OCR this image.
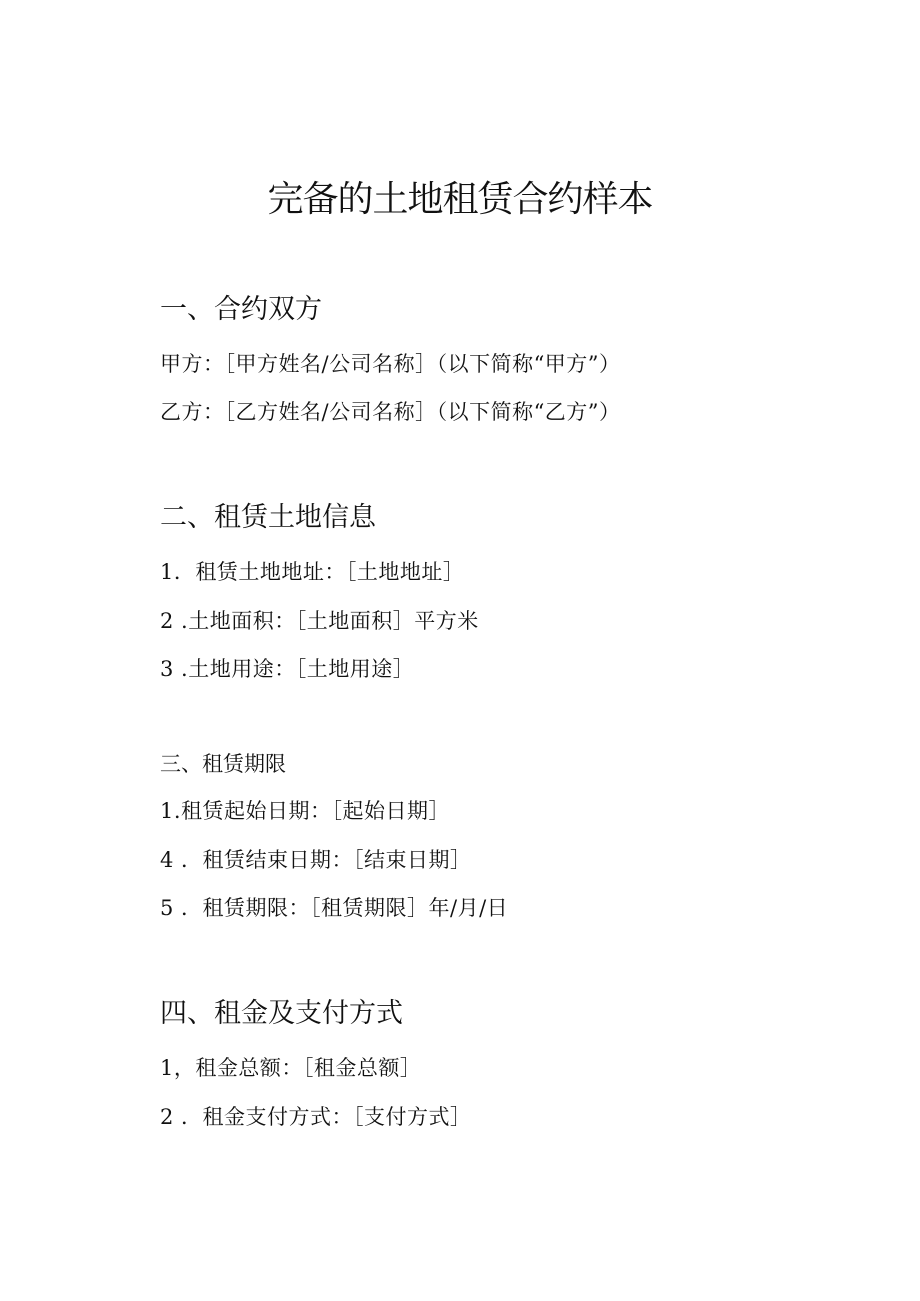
完备的土地租赁合约样本
一、合约双方
甲方：［甲方姓名/公司名称］（以下简称“甲方”）
乙方：［乙方姓名/公司名称］（以下简称“乙方”）
二、租赁土地信息
1．租赁土地地址：［土地地址］
2 .土地面积：［土地面积］平方米
3 .土地用途：［土地用途］
三、租赁期限
1.租赁起始日期：［起始日期］
4 ．租赁结束日期：［结束日期］
5 ．租赁期限：［租赁期限］年/月/日
四、租金及支付方式
1，租金总额：［租金总额］
2 ．租金支付方式：［支付方式］
